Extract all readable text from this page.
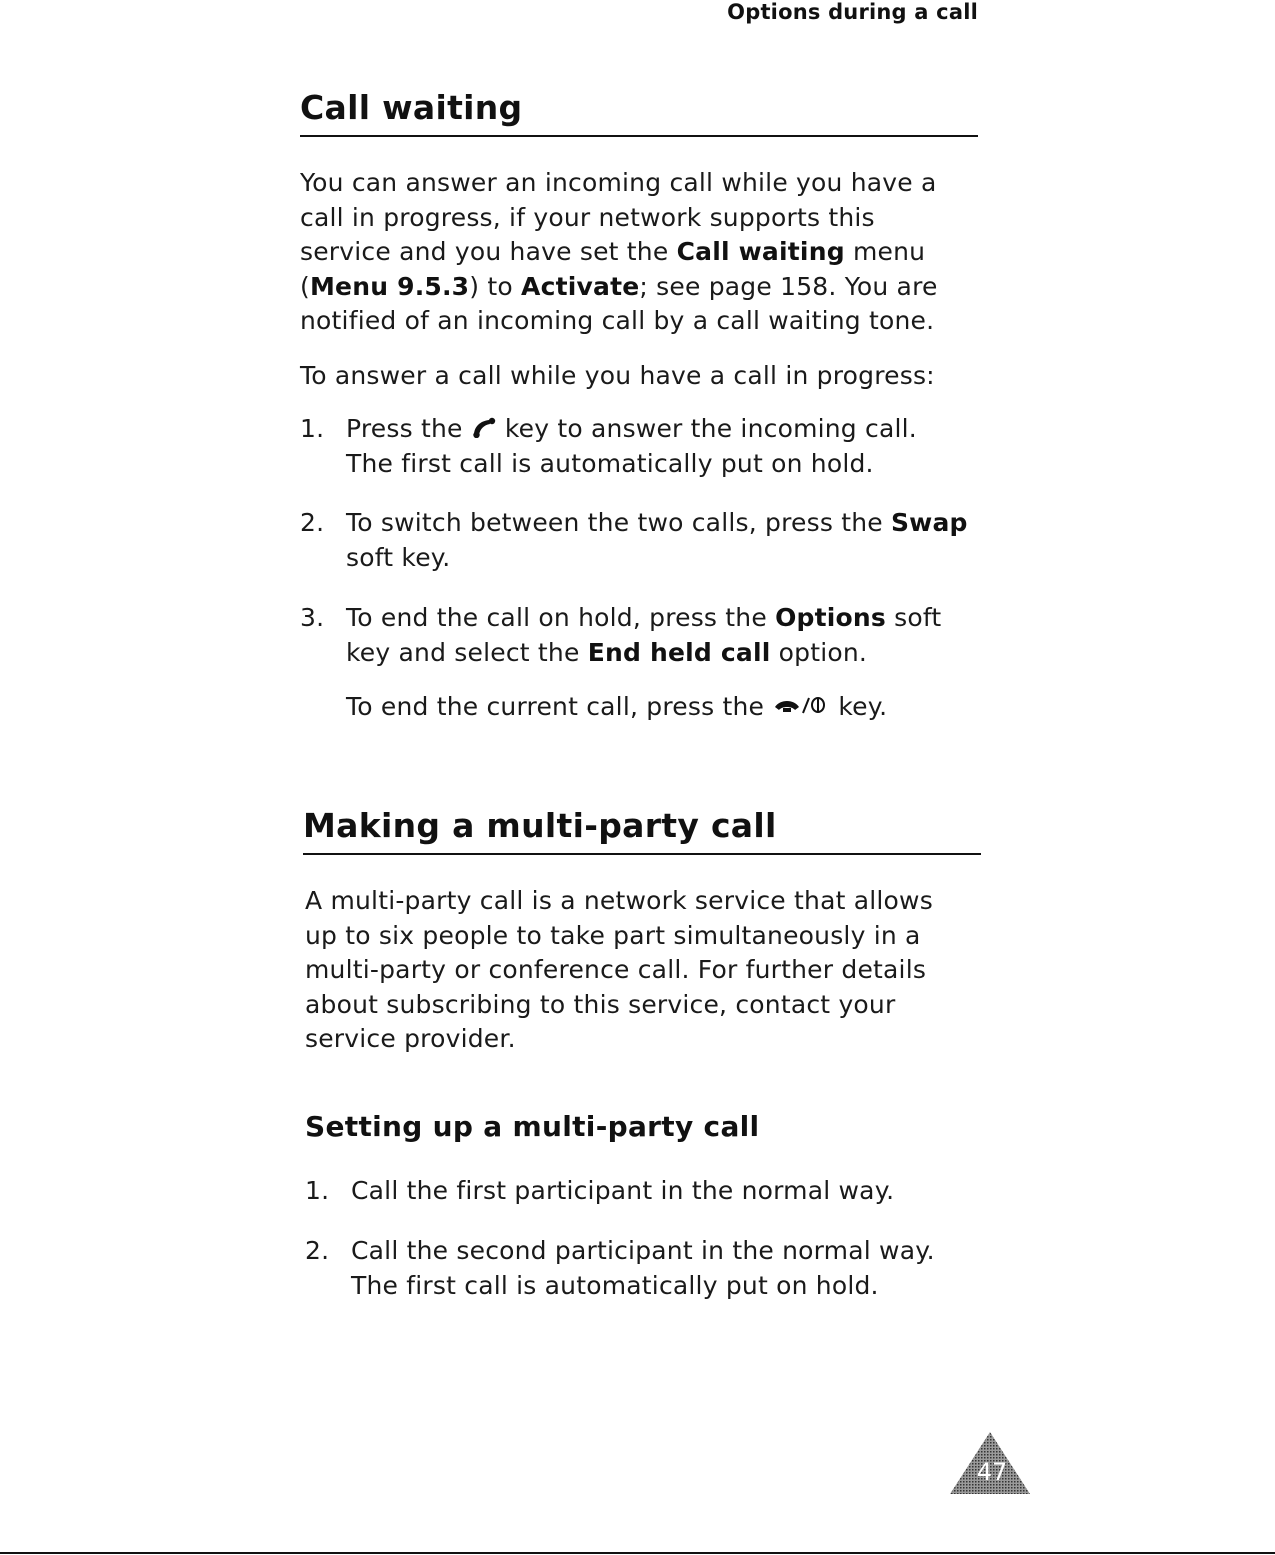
Options during a call
Call waiting
You can answer an incoming call while you have a
call in progress, if your network supports this
service and you have set the Call waiting menu
(Menu 9.5.3) to Activate; see page 158. You are
notified of an incoming call by a call waiting tone.
To answer a call while you have a call in progress:
1. Press the  key to answer the incoming call.
The first call is automatically put on hold.
2. To switch between the two calls, press the Swap
soft key.
3. To end the call on hold, press the Options soft
key and select the End held call option.
To end the current call, press the  key.
Making a multi-party call
A multi-party call is a network service that allows
up to six people to take part simultaneously in a
multi-party or conference call. For further details
about subscribing to this service, contact your
service provider.
Setting up a multi-party call
1. Call the first participant in the normal way.
2. Call the second participant in the normal way.
The first call is automatically put on hold.
47
